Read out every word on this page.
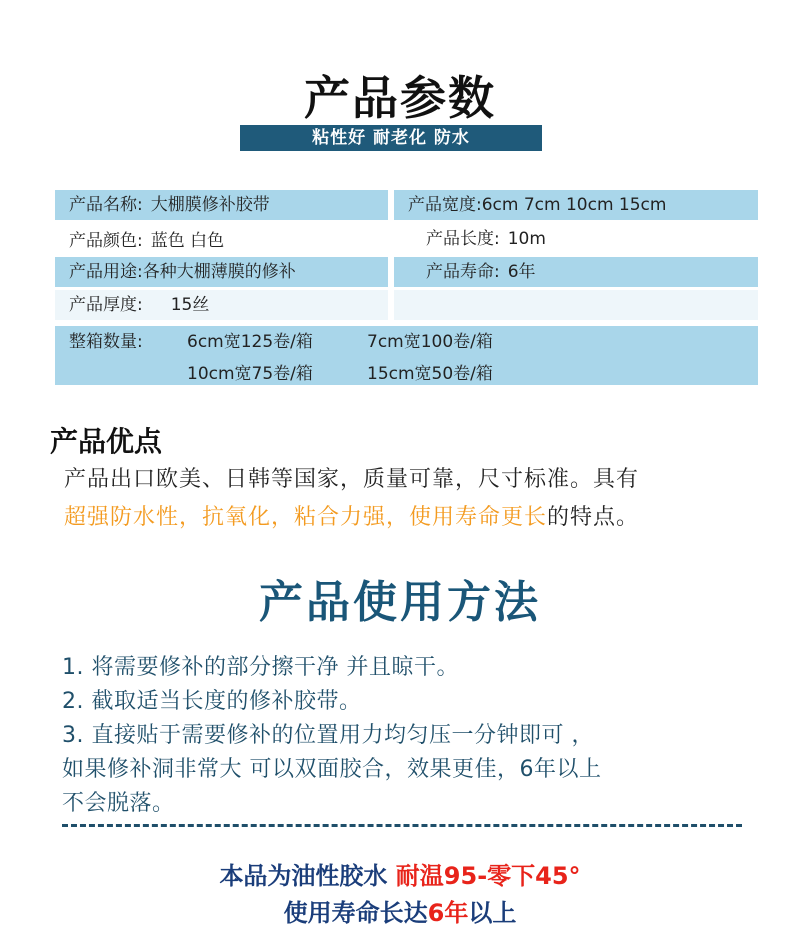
产品参数
粘性好 耐老化 防水
产品名称: 大棚膜修补胶带	产品宽度:6cm 7cm 10cm 15cm
产品颜色: 蓝色 白色	产品长度: 10m
产品用途:各种大棚薄膜的修补	产品寿命: 6年
产品厚度: 15丝
整箱数量:	6cm宽125卷/箱	7cm宽100卷/箱
10cm宽75卷/箱	15cm宽50卷/箱
产品优点
产品出口欧美、日韩等国家，质量可靠，尺寸标准。具有
超强防水性，抗氧化，粘合力强，使用寿命更长的特点。
产品使用方法
1. 将需要修补的部分擦干净 并且晾干。
2. 截取适当长度的修补胶带。
3. 直接贴于需要修补的位置用力均匀压一分钟即可 ，
如果修补洞非常大 可以双面胶合，效果更佳，6年以上
不会脱落。
本品为油性胶水 耐温95-零下45°
使用寿命长达6年以上
